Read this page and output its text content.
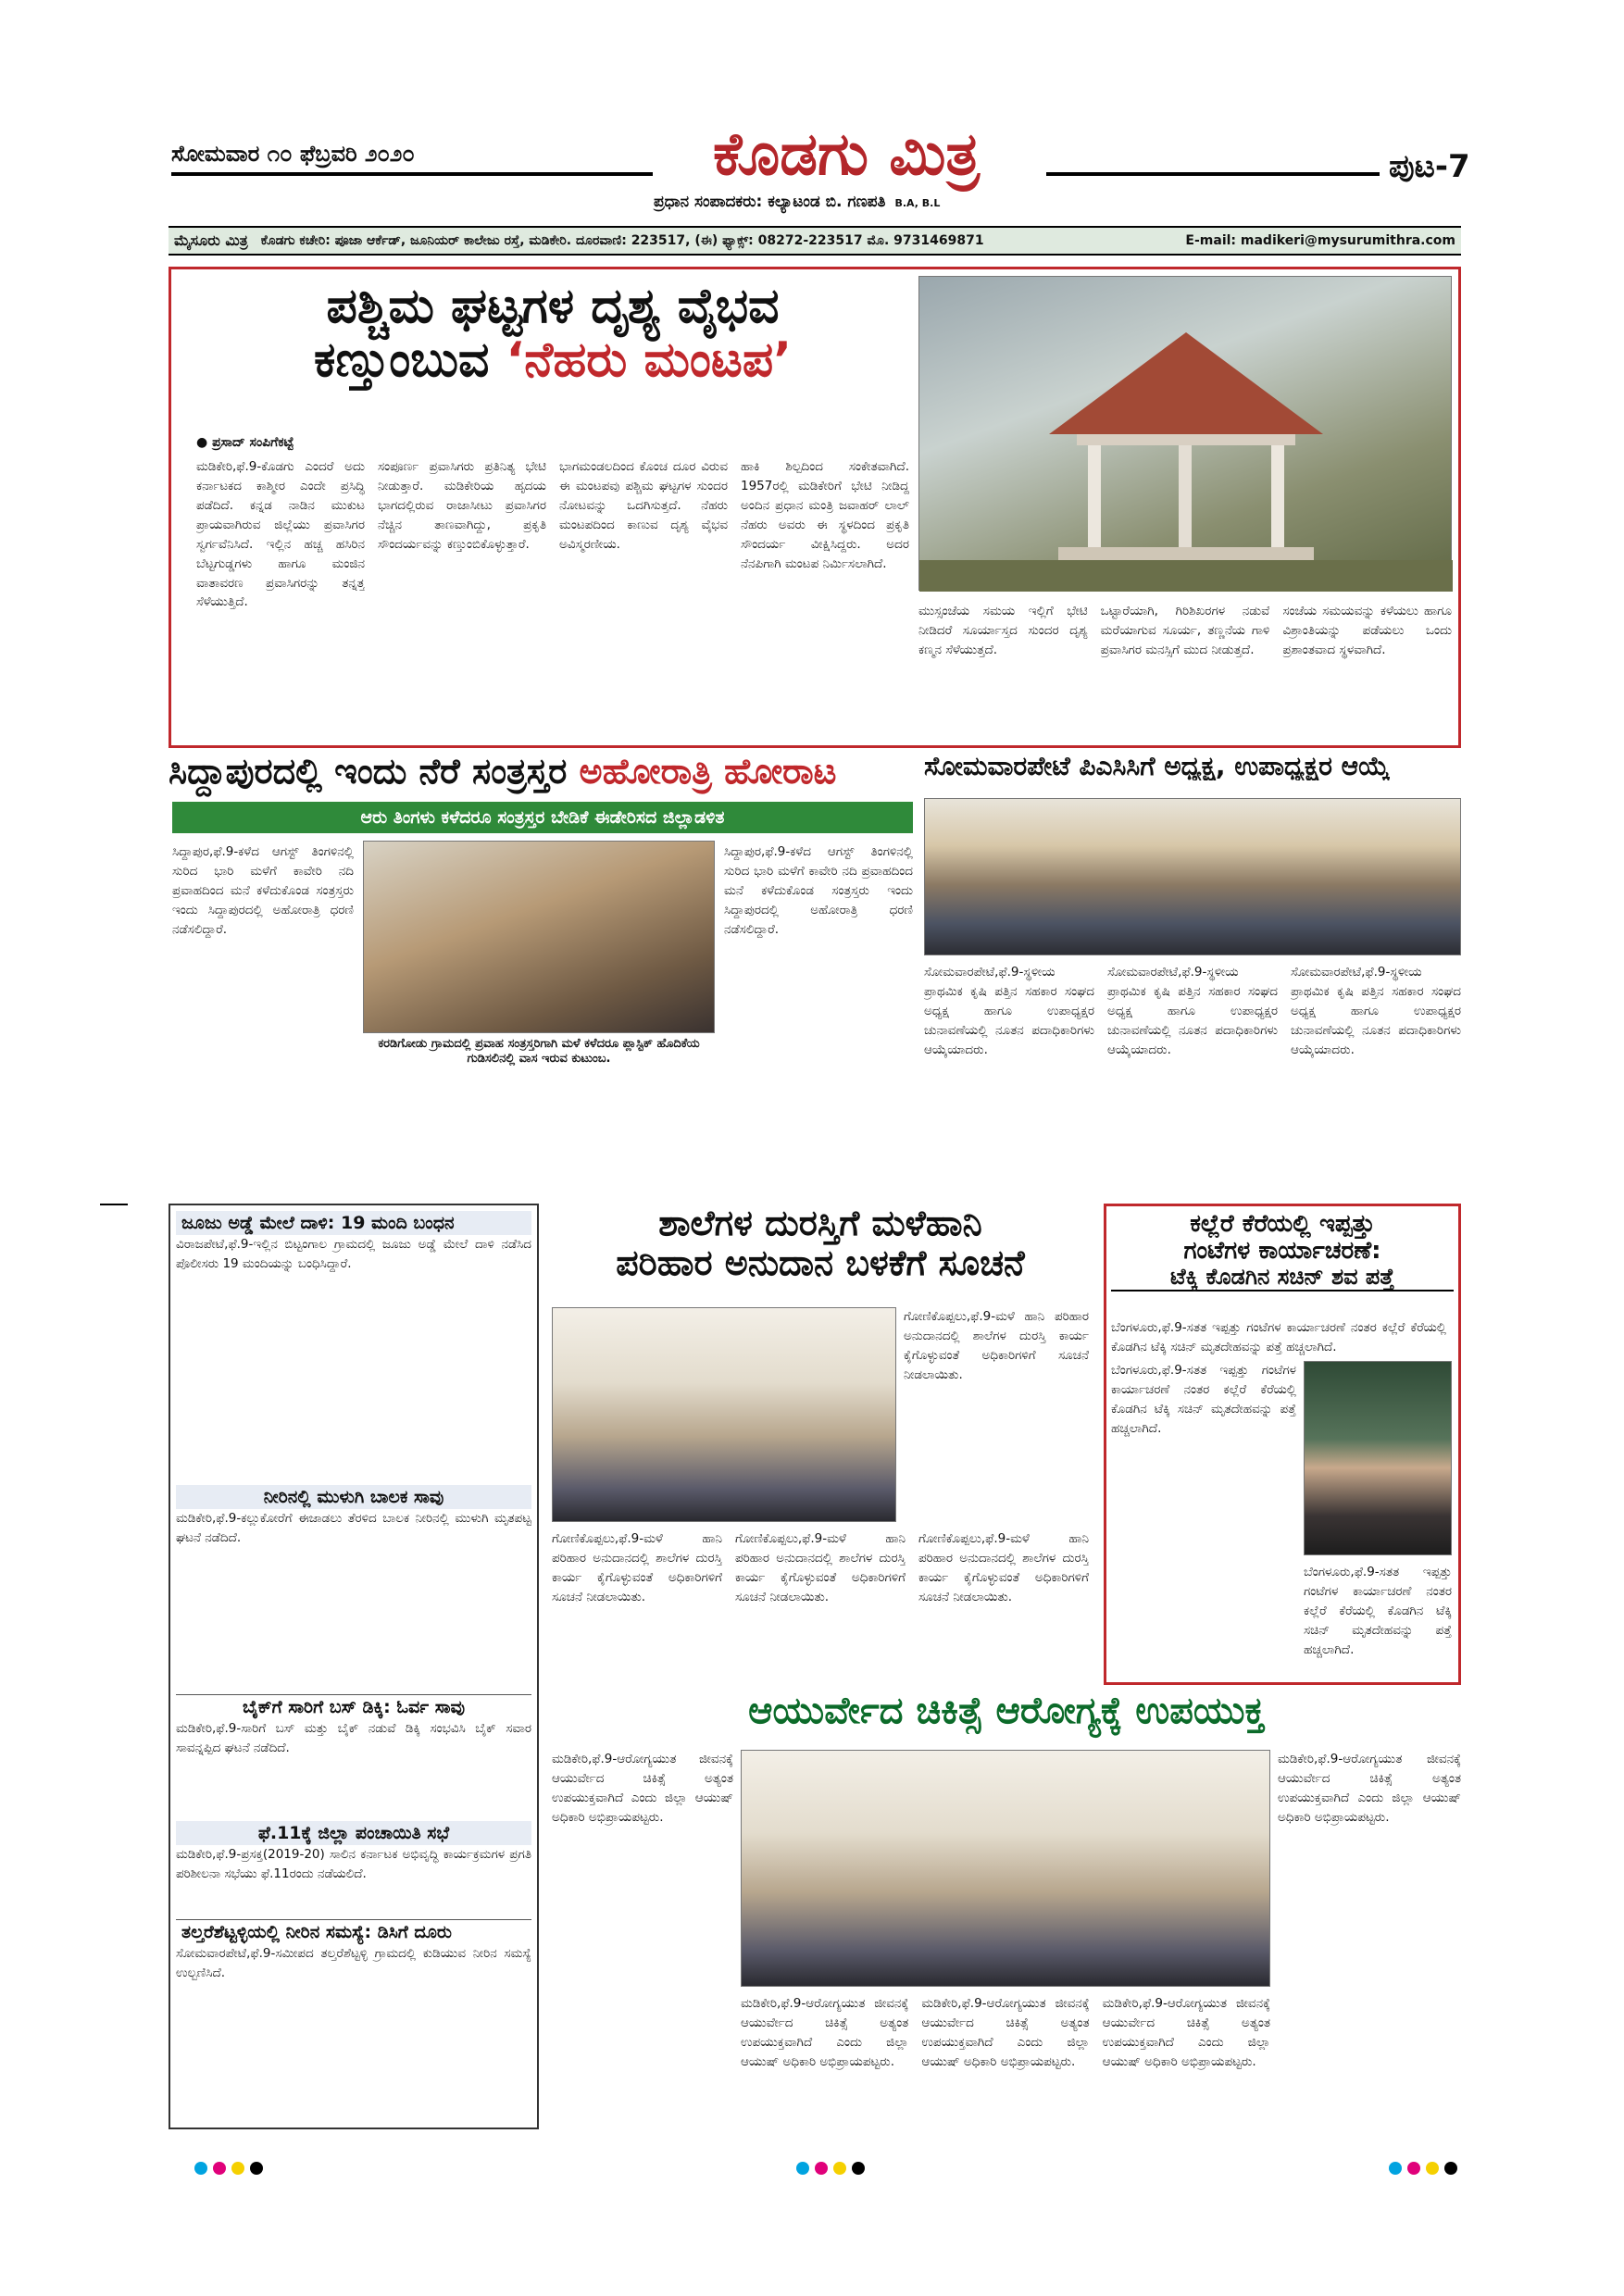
ಸೋಮವಾರ ೧೦ ಫೆಬ್ರವರಿ ೨೦೨೦	ಕೊಡಗು ಮಿತ್ರ	ಪುಟ-7
ಪ್ರಧಾನ ಸಂಪಾದಕರು: ಕಲ್ಯಾಟಂಡ ಬಿ. ಗಣಪತಿ B.A, B.L
ಮೈಸೂರು ಮಿತ್ರ ಕೊಡಗು ಕಚೇರಿ: ಪೂಜಾ ಆರ್ಕೆಡ್, ಜೂನಿಯರ್ ಕಾಲೇಜು ರಸ್ತೆ, ಮಡಿಕೇರಿ. ದೂರವಾಣಿ: 223517, (ಈ) ಫ್ಯಾಕ್ಸ್: 08272-223517 ಮೊ. 9731469871	E-mail: madikeri@mysurumithra.com
ಪಶ್ಚಿಮ ಘಟ್ಟಗಳ ದೃಶ್ಯ ವೈಭವ
ಕಣ್ತುಂಬುವ ‘ನೆಹರು ಮಂಟಪ’
● ಪ್ರಸಾದ್ ಸಂಪಿಗೆಕಟ್ಟೆ
ಮಡಿಕೇರಿ,ಫೆ.9-ಕೊಡಗು ಎಂದರೆ ಅದು ಕರ್ನಾಟಕದ ಕಾಶ್ಮೀರ ಎಂದೇ ಪ್ರಸಿದ್ಧಿ ಪಡೆದಿದೆ. ಕನ್ನಡ ನಾಡಿನ ಮುಕುಟ ಪ್ರಾಯವಾಗಿರುವ ಜಿಲ್ಲೆಯು ಪ್ರವಾಸಿಗರ ಸ್ವರ್ಗವೆನಿಸಿದೆ. ಇಲ್ಲಿನ ಹಚ್ಚ ಹಸಿರಿನ ಬೆಟ್ಟಗುಡ್ಡಗಳು ಹಾಗೂ ಮಂಜಿನ ವಾತಾವರಣ ಪ್ರವಾಸಿಗರನ್ನು ತನ್ನತ್ತ ಸೆಳೆಯುತ್ತಿದೆ.
ಸಂಪೂರ್ಣ ಪ್ರವಾಸಿಗರು ಪ್ರತಿನಿತ್ಯ ಭೇಟಿ ನೀಡುತ್ತಾರೆ. ಮಡಿಕೇರಿಯ ಹೃದಯ ಭಾಗದಲ್ಲಿರುವ ರಾಜಾಸೀಟು ಪ್ರವಾಸಿಗರ ನೆಚ್ಚಿನ ತಾಣವಾಗಿದ್ದು, ಪ್ರಕೃತಿ ಸೌಂದರ್ಯವನ್ನು ಕಣ್ತುಂಬಿಕೊಳ್ಳುತ್ತಾರೆ.
ಭಾಗಮಂಡಲದಿಂದ ಕೊಂಚ ದೂರ ವಿರುವ ಈ ಮಂಟಪವು ಪಶ್ಚಿಮ ಘಟ್ಟಗಳ ಸುಂದರ ನೋಟವನ್ನು ಒದಗಿಸುತ್ತದೆ. ನೆಹರು ಮಂಟಪದಿಂದ ಕಾಣುವ ದೃಶ್ಯ ವೈಭವ ಅವಿಸ್ಮರಣೀಯ.
ಹಾಕಿ ಶಿಲ್ಪದಿಂದ ಸಂಕೇತವಾಗಿದೆ. 1957ರಲ್ಲಿ ಮಡಿಕೇರಿಗೆ ಭೇಟಿ ನೀಡಿದ್ದ ಅಂದಿನ ಪ್ರಧಾನ ಮಂತ್ರಿ ಜವಾಹರ್ ಲಾಲ್ ನೆಹರು ಅವರು ಈ ಸ್ಥಳದಿಂದ ಪ್ರಕೃತಿ ಸೌಂದರ್ಯ ವೀಕ್ಷಿಸಿದ್ದರು. ಅದರ ನೆನಪಿಗಾಗಿ ಮಂಟಪ ನಿರ್ಮಿಸಲಾಗಿದೆ.
ಮುಸ್ಸಂಜೆಯ ಸಮಯ ಇಲ್ಲಿಗೆ ಭೇಟಿ ನೀಡಿದರೆ ಸೂರ್ಯಾಸ್ತದ ಸುಂದರ ದೃಶ್ಯ ಕಣ್ಮನ ಸೆಳೆಯುತ್ತದೆ.
ಒಟ್ಟಾರೆಯಾಗಿ, ಗಿರಿಶಿಖರಗಳ ನಡುವೆ ಮರೆಯಾಗುವ ಸೂರ್ಯ, ತಣ್ಣನೆಯ ಗಾಳಿ ಪ್ರವಾಸಿಗರ ಮನಸ್ಸಿಗೆ ಮುದ ನೀಡುತ್ತದೆ.
ಸಂಜೆಯ ಸಮಯವನ್ನು ಕಳೆಯಲು ಹಾಗೂ ವಿಶ್ರಾಂತಿಯನ್ನು ಪಡೆಯಲು ಒಂದು ಪ್ರಶಾಂತವಾದ ಸ್ಥಳವಾಗಿದೆ.
ಸಿದ್ದಾಪುರದಲ್ಲಿ ಇಂದು ನೆರೆ ಸಂತ್ರಸ್ತರ ಅಹೋರಾತ್ರಿ ಹೋರಾಟ
ಆರು ತಿಂಗಳು ಕಳೆದರೂ ಸಂತ್ರಸ್ತರ ಬೇಡಿಕೆ ಈಡೇರಿಸದ ಜಿಲ್ಲಾಡಳಿತ
ಸಿದ್ದಾಪುರ,ಫೆ.9-ಕಳೆದ ಆಗಸ್ಟ್ ತಿಂಗಳಿನಲ್ಲಿ ಸುರಿದ ಭಾರಿ ಮಳೆಗೆ ಕಾವೇರಿ ನದಿ ಪ್ರವಾಹದಿಂದ ಮನೆ ಕಳೆದುಕೊಂಡ ಸಂತ್ರಸ್ತರು ಇಂದು ಸಿದ್ದಾಪುರದಲ್ಲಿ ಅಹೋರಾತ್ರಿ ಧರಣಿ ನಡೆಸಲಿದ್ದಾರೆ.
ಕರಡಿಗೋಡು ಗ್ರಾಮದಲ್ಲಿ ಪ್ರವಾಹ ಸಂತ್ರಸ್ತರಿಗಾಗಿ ಮಳೆ ಕಳೆದರೂ ಪ್ಲಾಸ್ಟಿಕ್ ಹೊದಿಕೆಯ ಗುಡಿಸಲಿನಲ್ಲಿ ವಾಸ ಇರುವ ಕುಟುಂಬ.
ಸಿದ್ದಾಪುರ,ಫೆ.9-ಕಳೆದ ಆಗಸ್ಟ್ ತಿಂಗಳಿನಲ್ಲಿ ಸುರಿದ ಭಾರಿ ಮಳೆಗೆ ಕಾವೇರಿ ನದಿ ಪ್ರವಾಹದಿಂದ ಮನೆ ಕಳೆದುಕೊಂಡ ಸಂತ್ರಸ್ತರು ಇಂದು ಸಿದ್ದಾಪುರದಲ್ಲಿ ಅಹೋರಾತ್ರಿ ಧರಣಿ ನಡೆಸಲಿದ್ದಾರೆ.
ಸೋಮವಾರಪೇಟೆ ಪಿಎಸಿಸಿಗೆ ಅಧ್ಯಕ್ಷ, ಉಪಾಧ್ಯಕ್ಷರ ಆಯ್ಕೆ
ಸೋಮವಾರಪೇಟೆ,ಫೆ.9-ಸ್ಥಳೀಯ ಪ್ರಾಥಮಿಕ ಕೃಷಿ ಪತ್ತಿನ ಸಹಕಾರ ಸಂಘದ ಅಧ್ಯಕ್ಷ ಹಾಗೂ ಉಪಾಧ್ಯಕ್ಷರ ಚುನಾವಣೆಯಲ್ಲಿ ನೂತನ ಪದಾಧಿಕಾರಿಗಳು ಆಯ್ಕೆಯಾದರು.
ಸೋಮವಾರಪೇಟೆ,ಫೆ.9-ಸ್ಥಳೀಯ ಪ್ರಾಥಮಿಕ ಕೃಷಿ ಪತ್ತಿನ ಸಹಕಾರ ಸಂಘದ ಅಧ್ಯಕ್ಷ ಹಾಗೂ ಉಪಾಧ್ಯಕ್ಷರ ಚುನಾವಣೆಯಲ್ಲಿ ನೂತನ ಪದಾಧಿಕಾರಿಗಳು ಆಯ್ಕೆಯಾದರು.
ಸೋಮವಾರಪೇಟೆ,ಫೆ.9-ಸ್ಥಳೀಯ ಪ್ರಾಥಮಿಕ ಕೃಷಿ ಪತ್ತಿನ ಸಹಕಾರ ಸಂಘದ ಅಧ್ಯಕ್ಷ ಹಾಗೂ ಉಪಾಧ್ಯಕ್ಷರ ಚುನಾವಣೆಯಲ್ಲಿ ನೂತನ ಪದಾಧಿಕಾರಿಗಳು ಆಯ್ಕೆಯಾದರು.
ಜೂಜು ಅಡ್ಡೆ ಮೇಲೆ ದಾಳಿ: 19 ಮಂದಿ ಬಂಧನ
ವಿರಾಜಪೇಟೆ,ಫೆ.9-ಇಲ್ಲಿನ ಬಿಟ್ಟಂಗಾಲ ಗ್ರಾಮದಲ್ಲಿ ಜೂಜು ಅಡ್ಡೆ ಮೇಲೆ ದಾಳಿ ನಡೆಸಿದ ಪೊಲೀಸರು 19 ಮಂದಿಯನ್ನು ಬಂಧಿಸಿದ್ದಾರೆ.
ನೀರಿನಲ್ಲಿ ಮುಳುಗಿ ಬಾಲಕ ಸಾವು
ಮಡಿಕೇರಿ,ಫೆ.9-ಕಲ್ಲುಕೋರೆಗೆ ಈಜಾಡಲು ತೆರಳಿದ ಬಾಲಕ ನೀರಿನಲ್ಲಿ ಮುಳುಗಿ ಮೃತಪಟ್ಟ ಘಟನೆ ನಡೆದಿದೆ.
ಬೈಕ್‌ಗೆ ಸಾರಿಗೆ ಬಸ್ ಡಿಕ್ಕಿ: ಓರ್ವ ಸಾವು
ಮಡಿಕೇರಿ,ಫೆ.9-ಸಾರಿಗೆ ಬಸ್ ಮತ್ತು ಬೈಕ್ ನಡುವೆ ಡಿಕ್ಕಿ ಸಂಭವಿಸಿ ಬೈಕ್ ಸವಾರ ಸಾವನ್ನಪ್ಪಿದ ಘಟನೆ ನಡೆದಿದೆ.
ಫೆ.11ಕ್ಕೆ ಜಿಲ್ಲಾ ಪಂಚಾಯಿತಿ ಸಭೆ
ಮಡಿಕೇರಿ,ಫೆ.9-ಪ್ರಸಕ್ತ(2019-20) ಸಾಲಿನ ಕರ್ನಾಟಕ ಅಭಿವೃದ್ಧಿ ಕಾರ್ಯಕ್ರಮಗಳ ಪ್ರಗತಿ ಪರಿಶೀಲನಾ ಸಭೆಯು ಫೆ.11ರಂದು ನಡೆಯಲಿದೆ.
ತಲ್ತರೆಶೆಟ್ಟಳ್ಳಿಯಲ್ಲಿ ನೀರಿನ ಸಮಸ್ಯೆ: ಡಿಸಿಗೆ ದೂರು
ಸೋಮವಾರಪೇಟೆ,ಫೆ.9-ಸಮೀಪದ ತಲ್ತರೆಶೆಟ್ಟಳ್ಳಿ ಗ್ರಾಮದಲ್ಲಿ ಕುಡಿಯುವ ನೀರಿನ ಸಮಸ್ಯೆ ಉಲ್ಬಣಿಸಿದೆ.
ಶಾಲೆಗಳ ದುರಸ್ತಿಗೆ ಮಳೆಹಾನಿ
ಪರಿಹಾರ ಅನುದಾನ ಬಳಕೆಗೆ ಸೂಚನೆ
ಗೋಣಿಕೊಪ್ಪಲು,ಫೆ.9-ಮಳೆ ಹಾನಿ ಪರಿಹಾರ ಅನುದಾನದಲ್ಲಿ ಶಾಲೆಗಳ ದುರಸ್ತಿ ಕಾರ್ಯ ಕೈಗೊಳ್ಳುವಂತೆ ಅಧಿಕಾರಿಗಳಿಗೆ ಸೂಚನೆ ನೀಡಲಾಯಿತು.
ಗೋಣಿಕೊಪ್ಪಲು,ಫೆ.9-ಮಳೆ ಹಾನಿ ಪರಿಹಾರ ಅನುದಾನದಲ್ಲಿ ಶಾಲೆಗಳ ದುರಸ್ತಿ ಕಾರ್ಯ ಕೈಗೊಳ್ಳುವಂತೆ ಅಧಿಕಾರಿಗಳಿಗೆ ಸೂಚನೆ ನೀಡಲಾಯಿತು.
ಗೋಣಿಕೊಪ್ಪಲು,ಫೆ.9-ಮಳೆ ಹಾನಿ ಪರಿಹಾರ ಅನುದಾನದಲ್ಲಿ ಶಾಲೆಗಳ ದುರಸ್ತಿ ಕಾರ್ಯ ಕೈಗೊಳ್ಳುವಂತೆ ಅಧಿಕಾರಿಗಳಿಗೆ ಸೂಚನೆ ನೀಡಲಾಯಿತು.
ಗೋಣಿಕೊಪ್ಪಲು,ಫೆ.9-ಮಳೆ ಹಾನಿ ಪರಿಹಾರ ಅನುದಾನದಲ್ಲಿ ಶಾಲೆಗಳ ದುರಸ್ತಿ ಕಾರ್ಯ ಕೈಗೊಳ್ಳುವಂತೆ ಅಧಿಕಾರಿಗಳಿಗೆ ಸೂಚನೆ ನೀಡಲಾಯಿತು.
ಕಲ್ಲೆರೆ ಕೆರೆಯಲ್ಲಿ ಇಪ್ಪತ್ತು
ಗಂಟೆಗಳ ಕಾರ್ಯಾಚರಣೆ:
ಟೆಕ್ಕಿ ಕೊಡಗಿನ ಸಚಿನ್ ಶವ ಪತ್ತೆ
ಬೆಂಗಳೂರು,ಫೆ.9-ಸತತ ಇಪ್ಪತ್ತು ಗಂಟೆಗಳ ಕಾರ್ಯಾಚರಣೆ ನಂತರ ಕಲ್ಲೆರೆ ಕೆರೆಯಲ್ಲಿ ಕೊಡಗಿನ ಟೆಕ್ಕಿ ಸಚಿನ್ ಮೃತದೇಹವನ್ನು ಪತ್ತೆ ಹಚ್ಚಲಾಗಿದೆ.
ಬೆಂಗಳೂರು,ಫೆ.9-ಸತತ ಇಪ್ಪತ್ತು ಗಂಟೆಗಳ ಕಾರ್ಯಾಚರಣೆ ನಂತರ ಕಲ್ಲೆರೆ ಕೆರೆಯಲ್ಲಿ ಕೊಡಗಿನ ಟೆಕ್ಕಿ ಸಚಿನ್ ಮೃತದೇಹವನ್ನು ಪತ್ತೆ ಹಚ್ಚಲಾಗಿದೆ.
ಬೆಂಗಳೂರು,ಫೆ.9-ಸತತ ಇಪ್ಪತ್ತು ಗಂಟೆಗಳ ಕಾರ್ಯಾಚರಣೆ ನಂತರ ಕಲ್ಲೆರೆ ಕೆರೆಯಲ್ಲಿ ಕೊಡಗಿನ ಟೆಕ್ಕಿ ಸಚಿನ್ ಮೃತದೇಹವನ್ನು ಪತ್ತೆ ಹಚ್ಚಲಾಗಿದೆ.
ಆಯುರ್ವೇದ ಚಿಕಿತ್ಸೆ ಆರೋಗ್ಯಕ್ಕೆ ಉಪಯುಕ್ತ
ಮಡಿಕೇರಿ,ಫೆ.9-ಆರೋಗ್ಯಯುತ ಜೀವನಕ್ಕೆ ಆಯುರ್ವೇದ ಚಿಕಿತ್ಸೆ ಅತ್ಯಂತ ಉಪಯುಕ್ತವಾಗಿದೆ ಎಂದು ಜಿಲ್ಲಾ ಆಯುಷ್ ಅಧಿಕಾರಿ ಅಭಿಪ್ರಾಯಪಟ್ಟರು.
ಮಡಿಕೇರಿ,ಫೆ.9-ಆರೋಗ್ಯಯುತ ಜೀವನಕ್ಕೆ ಆಯುರ್ವೇದ ಚಿಕಿತ್ಸೆ ಅತ್ಯಂತ ಉಪಯುಕ್ತವಾಗಿದೆ ಎಂದು ಜಿಲ್ಲಾ ಆಯುಷ್ ಅಧಿಕಾರಿ ಅಭಿಪ್ರಾಯಪಟ್ಟರು.
ಮಡಿಕೇರಿ,ಫೆ.9-ಆರೋಗ್ಯಯುತ ಜೀವನಕ್ಕೆ ಆಯುರ್ವೇದ ಚಿಕಿತ್ಸೆ ಅತ್ಯಂತ ಉಪಯುಕ್ತವಾಗಿದೆ ಎಂದು ಜಿಲ್ಲಾ ಆಯುಷ್ ಅಧಿಕಾರಿ ಅಭಿಪ್ರಾಯಪಟ್ಟರು.
ಮಡಿಕೇರಿ,ಫೆ.9-ಆರೋಗ್ಯಯುತ ಜೀವನಕ್ಕೆ ಆಯುರ್ವೇದ ಚಿಕಿತ್ಸೆ ಅತ್ಯಂತ ಉಪಯುಕ್ತವಾಗಿದೆ ಎಂದು ಜಿಲ್ಲಾ ಆಯುಷ್ ಅಧಿಕಾರಿ ಅಭಿಪ್ರಾಯಪಟ್ಟರು.
ಮಡಿಕೇರಿ,ಫೆ.9-ಆರೋಗ್ಯಯುತ ಜೀವನಕ್ಕೆ ಆಯುರ್ವೇದ ಚಿಕಿತ್ಸೆ ಅತ್ಯಂತ ಉಪಯುಕ್ತವಾಗಿದೆ ಎಂದು ಜಿಲ್ಲಾ ಆಯುಷ್ ಅಧಿಕಾರಿ ಅಭಿಪ್ರಾಯಪಟ್ಟರು.
